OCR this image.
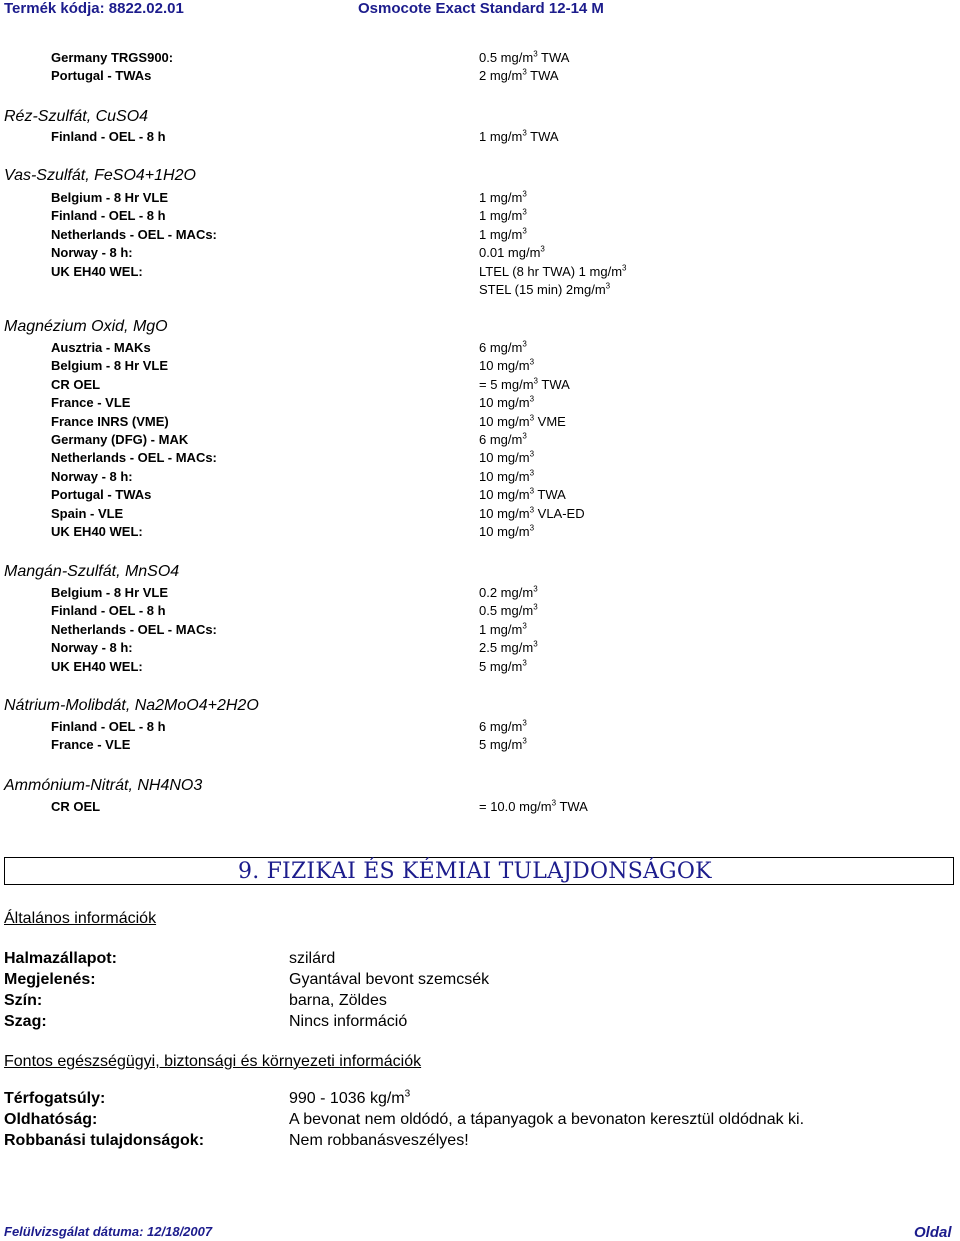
Termék kódja: 8822.02.01	Osmocote Exact Standard 12-14 M
Germany TRGS900:	0.5 $mg/m^3$ TWA
Portugal - TWAs	2 $mg/m^3$ TWA
Réz-Szulfát, CuSO4
Finland - OEL - 8 h	1 $mg/m^3$ TWA
Vas-Szulfát, FeSO4+1H2O
Belgium - 8 Hr VLE	1 $mg/m^3$
Finland - OEL - 8 h	1 $mg/m^3$
Netherlands - OEL - MACs:	1 $mg/m^3$
Norway - 8 h:	0.01 $mg/m^3$
UK EH40 WEL:	LTEL (8 hr TWA) 1 $mg/m^3$
STEL (15 min) $2mg/m^3$
Magnézium Oxid, MgO
Ausztria - MAKs	6 $mg/m^3$
Belgium - 8 Hr VLE	10 $mg/m^3$
CR OEL	= 5 $mg/m^3$ TWA
France - VLE	10 $mg/m^3$
France INRS (VME)	10 $mg/m^3$ VME
Germany (DFG) - MAK	6 $mg/m^3$
Netherlands - OEL - MACs:	10 $mg/m^3$
Norway - 8 h:	10 $mg/m^3$
Portugal - TWAs	10 $mg/m^3$ TWA
Spain - VLE	10 $mg/m^3$ VLA-ED
UK EH40 WEL:	10 $mg/m^3$
Mangán-Szulfát, MnSO4
Belgium - 8 Hr VLE	0.2 $mg/m^3$
Finland - OEL - 8 h	0.5 $mg/m^3$
Netherlands - OEL - MACs:	1 $mg/m^3$
Norway - 8 h:	2.5 $mg/m^3$
UK EH40 WEL:	5 $mg/m^3$
Nátrium-Molibdát, Na2MoO4+2H2O
Finland - OEL - 8 h	6 $mg/m^3$
France - VLE	5 $mg/m^3$
Ammónium-Nitrát, NH4NO3
CR OEL	= 10.0 $mg/m^3$ TWA
9. FIZIKAI ÉS KÉMIAI TULAJDONSÁGOK
Általános információk
Halmazállapot:	szilárd
Megjelenés:	Gyantával bevont szemcsék
Szín:	barna, Zöldes
Szag:	Nincs információ
Fontos egészségügyi, biztonsági és környezeti információk
Térfogatsúly:	990 - 1036 $kg/m^3$
Oldhatóság:	A bevonat nem oldódó, a tápanyagok a bevonaton keresztül oldódnak ki.
Robbanási tulajdonságok:	Nem robbanásveszélyes!
Felülvizsgálat dátuma: 12/18/2007	Oldal
